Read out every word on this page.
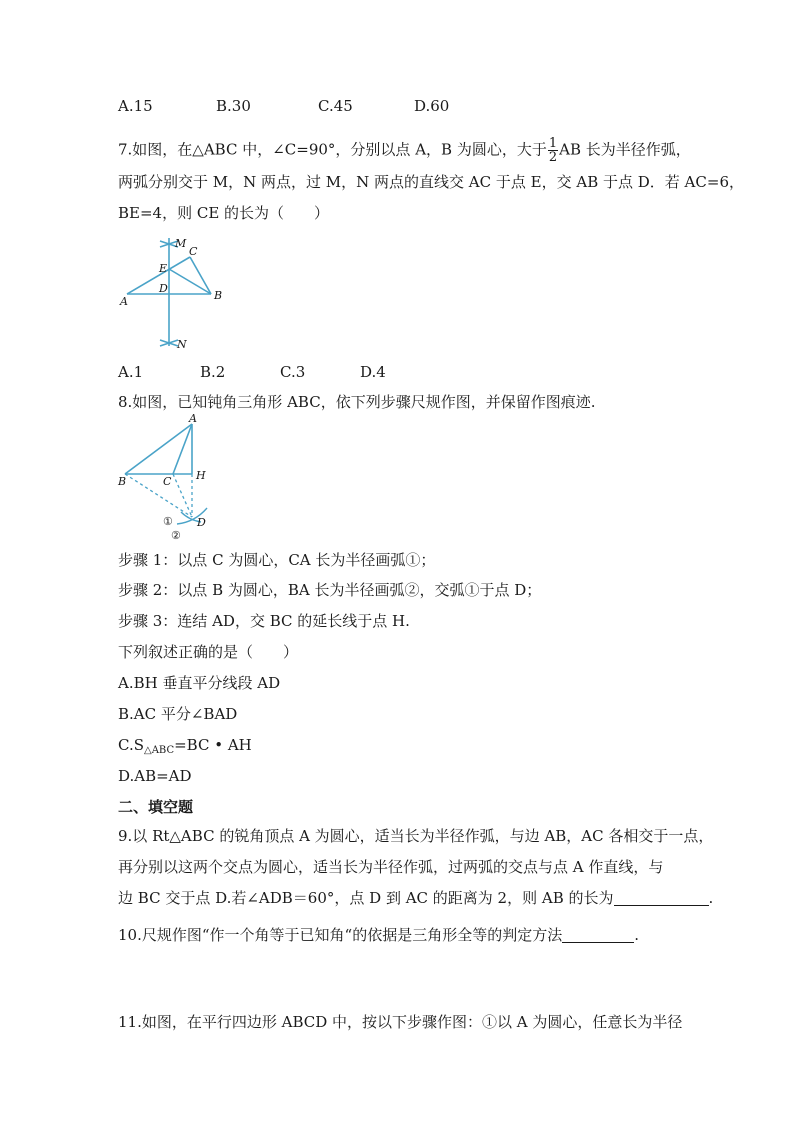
A.15	B.30	C.45	D.60
7.如图，在△ABC 中，∠C=90°，分别以点 A，B 为圆心，大于 $\frac{1}{2}$ AB 长为半径作弧，
两弧分别交于 M，N 两点，过 M，N 两点的直线交 AC 于点 E，交 AB 于点 D．若 AC=6，
BE=4，则 CE 的长为（　　）
M
C
E
D
A	B
N
A.1	B.2	C.3	D.4
8.如图，已知钝角三角形 ABC，依下列步骤尺规作图，并保留作图痕迹.
A
B	C H
D
①
②
步骤 1：以点 C 为圆心，CA 长为半径画弧①；
步骤 2：以点 B 为圆心，BA 长为半径画弧②，交弧①于点 D；
步骤 3：连结 AD，交 BC 的延长线于点 H.
下列叙述正确的是（　　）
A.BH 垂直平分线段 AD
B.AC 平分∠BAD
$C.S_{\triangle ABC}=BC$ • AH
D.AB=AD
二、填空题
9.以 Rt△ABC 的锐角顶点 A 为圆心，适当长为半径作弧，与边 AB，AC 各相交于一点，
再分别以这两个交点为圆心，适当长为半径作弧，过两弧的交点与点 A 作直线，与
边 BC 交于点 D.若∠ADB＝60°，点 D 到 AC 的距离为 2，则 AB 的长为	.
10.尺规作图“作一个角等于已知角“的依据是三角形全等的判定方法	.
11.如图，在平行四边形 ABCD 中，按以下步骤作图：①以 A 为圆心，任意长为半径
